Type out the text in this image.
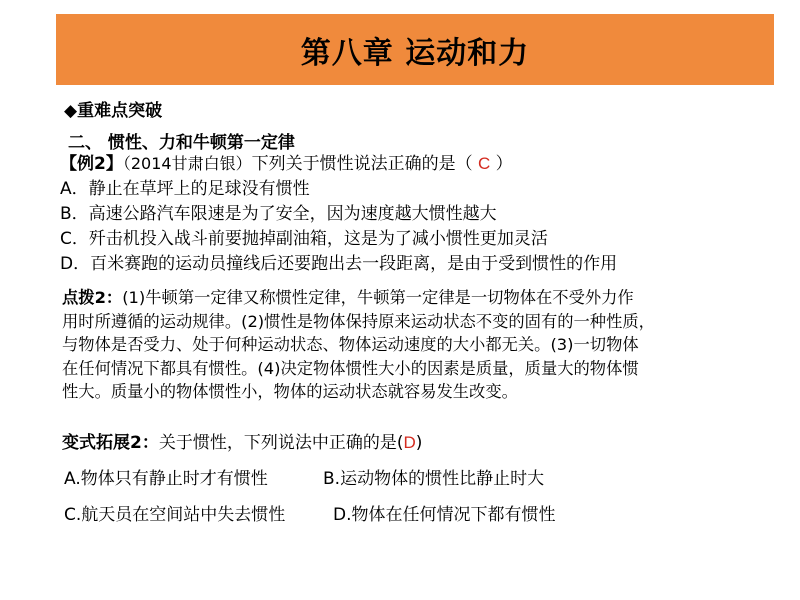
第八章 运动和力
◆重难点突破
二、 惯性、力和牛顿第一定律
【例2】（2014甘肃白银）下列关于惯性说法正确的是（ C ）
A．静止在草坪上的足球没有惯性
B．高速公路汽车限速是为了安全，因为速度越大惯性越大
C．歼击机投入战斗前要抛掉副油箱，这是为了减小惯性更加灵活
D．百米赛跑的运动员撞线后还要跑出去一段距离，是由于受到惯性的作用
点拨2：(1)牛顿第一定律又称惯性定律，牛顿第一定律是一切物体在不受外力作
用时所遵循的运动规律。(2)惯性是物体保持原来运动状态不变的固有的一种性质，
与物体是否受力、处于何种运动状态、物体运动速度的大小都无关。(3)一切物体
在任何情况下都具有惯性。(4)决定物体惯性大小的因素是质量，质量大的物体惯
性大。质量小的物体惯性小，物体的运动状态就容易发生改变。
变式拓展2：关于惯性，下列说法中正确的是(D)
A.物体只有静止时才有惯性	B.运动物体的惯性比静止时大
C.航天员在空间站中失去惯性	D.物体在任何情况下都有惯性
